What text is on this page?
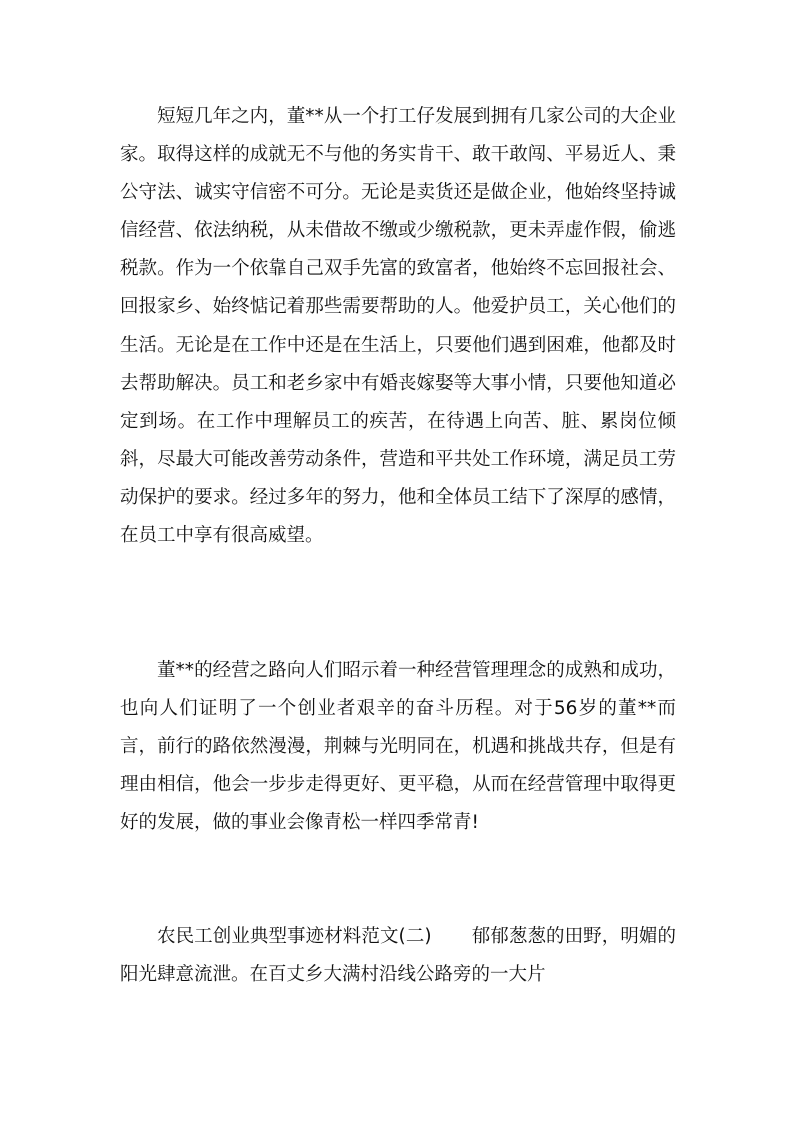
短短几年之内，董**从一个打工仔发展到拥有几家公司的大企业家。取得这样的成就无不与他的务实肯干、敢干敢闯、平易近人、秉公守法、诚实守信密不可分。无论是卖货还是做企业，他始终坚持诚信经营、依法纳税，从未借故不缴或少缴税款，更未弄虚作假，偷逃税款。作为一个依靠自己双手先富的致富者，他始终不忘回报社会、回报家乡、始终惦记着那些需要帮助的人。他爱护员工，关心他们的生活。无论是在工作中还是在生活上，只要他们遇到困难，他都及时去帮助解决。员工和老乡家中有婚丧嫁娶等大事小情，只要他知道必定到场。在工作中理解员工的疾苦，在待遇上向苦、脏、累岗位倾斜，尽最大可能改善劳动条件，营造和平共处工作环境，满足员工劳动保护的要求。经过多年的努力，他和全体员工结下了深厚的感情，在员工中享有很高威望。

董**的经营之路向人们昭示着一种经营管理理念的成熟和成功，也向人们证明了一个创业者艰辛的奋斗历程。对于56岁的董**而言，前行的路依然漫漫，荆棘与光明同在，机遇和挑战共存，但是有理由相信，他会一步步走得更好、更平稳，从而在经营管理中取得更好的发展，做的事业会像青松一样四季常青!

农民工创业典型事迹材料范文(二) 郁郁葱葱的田野，明媚的阳光肆意流泄。在百丈乡大满村沿线公路旁的一大片
